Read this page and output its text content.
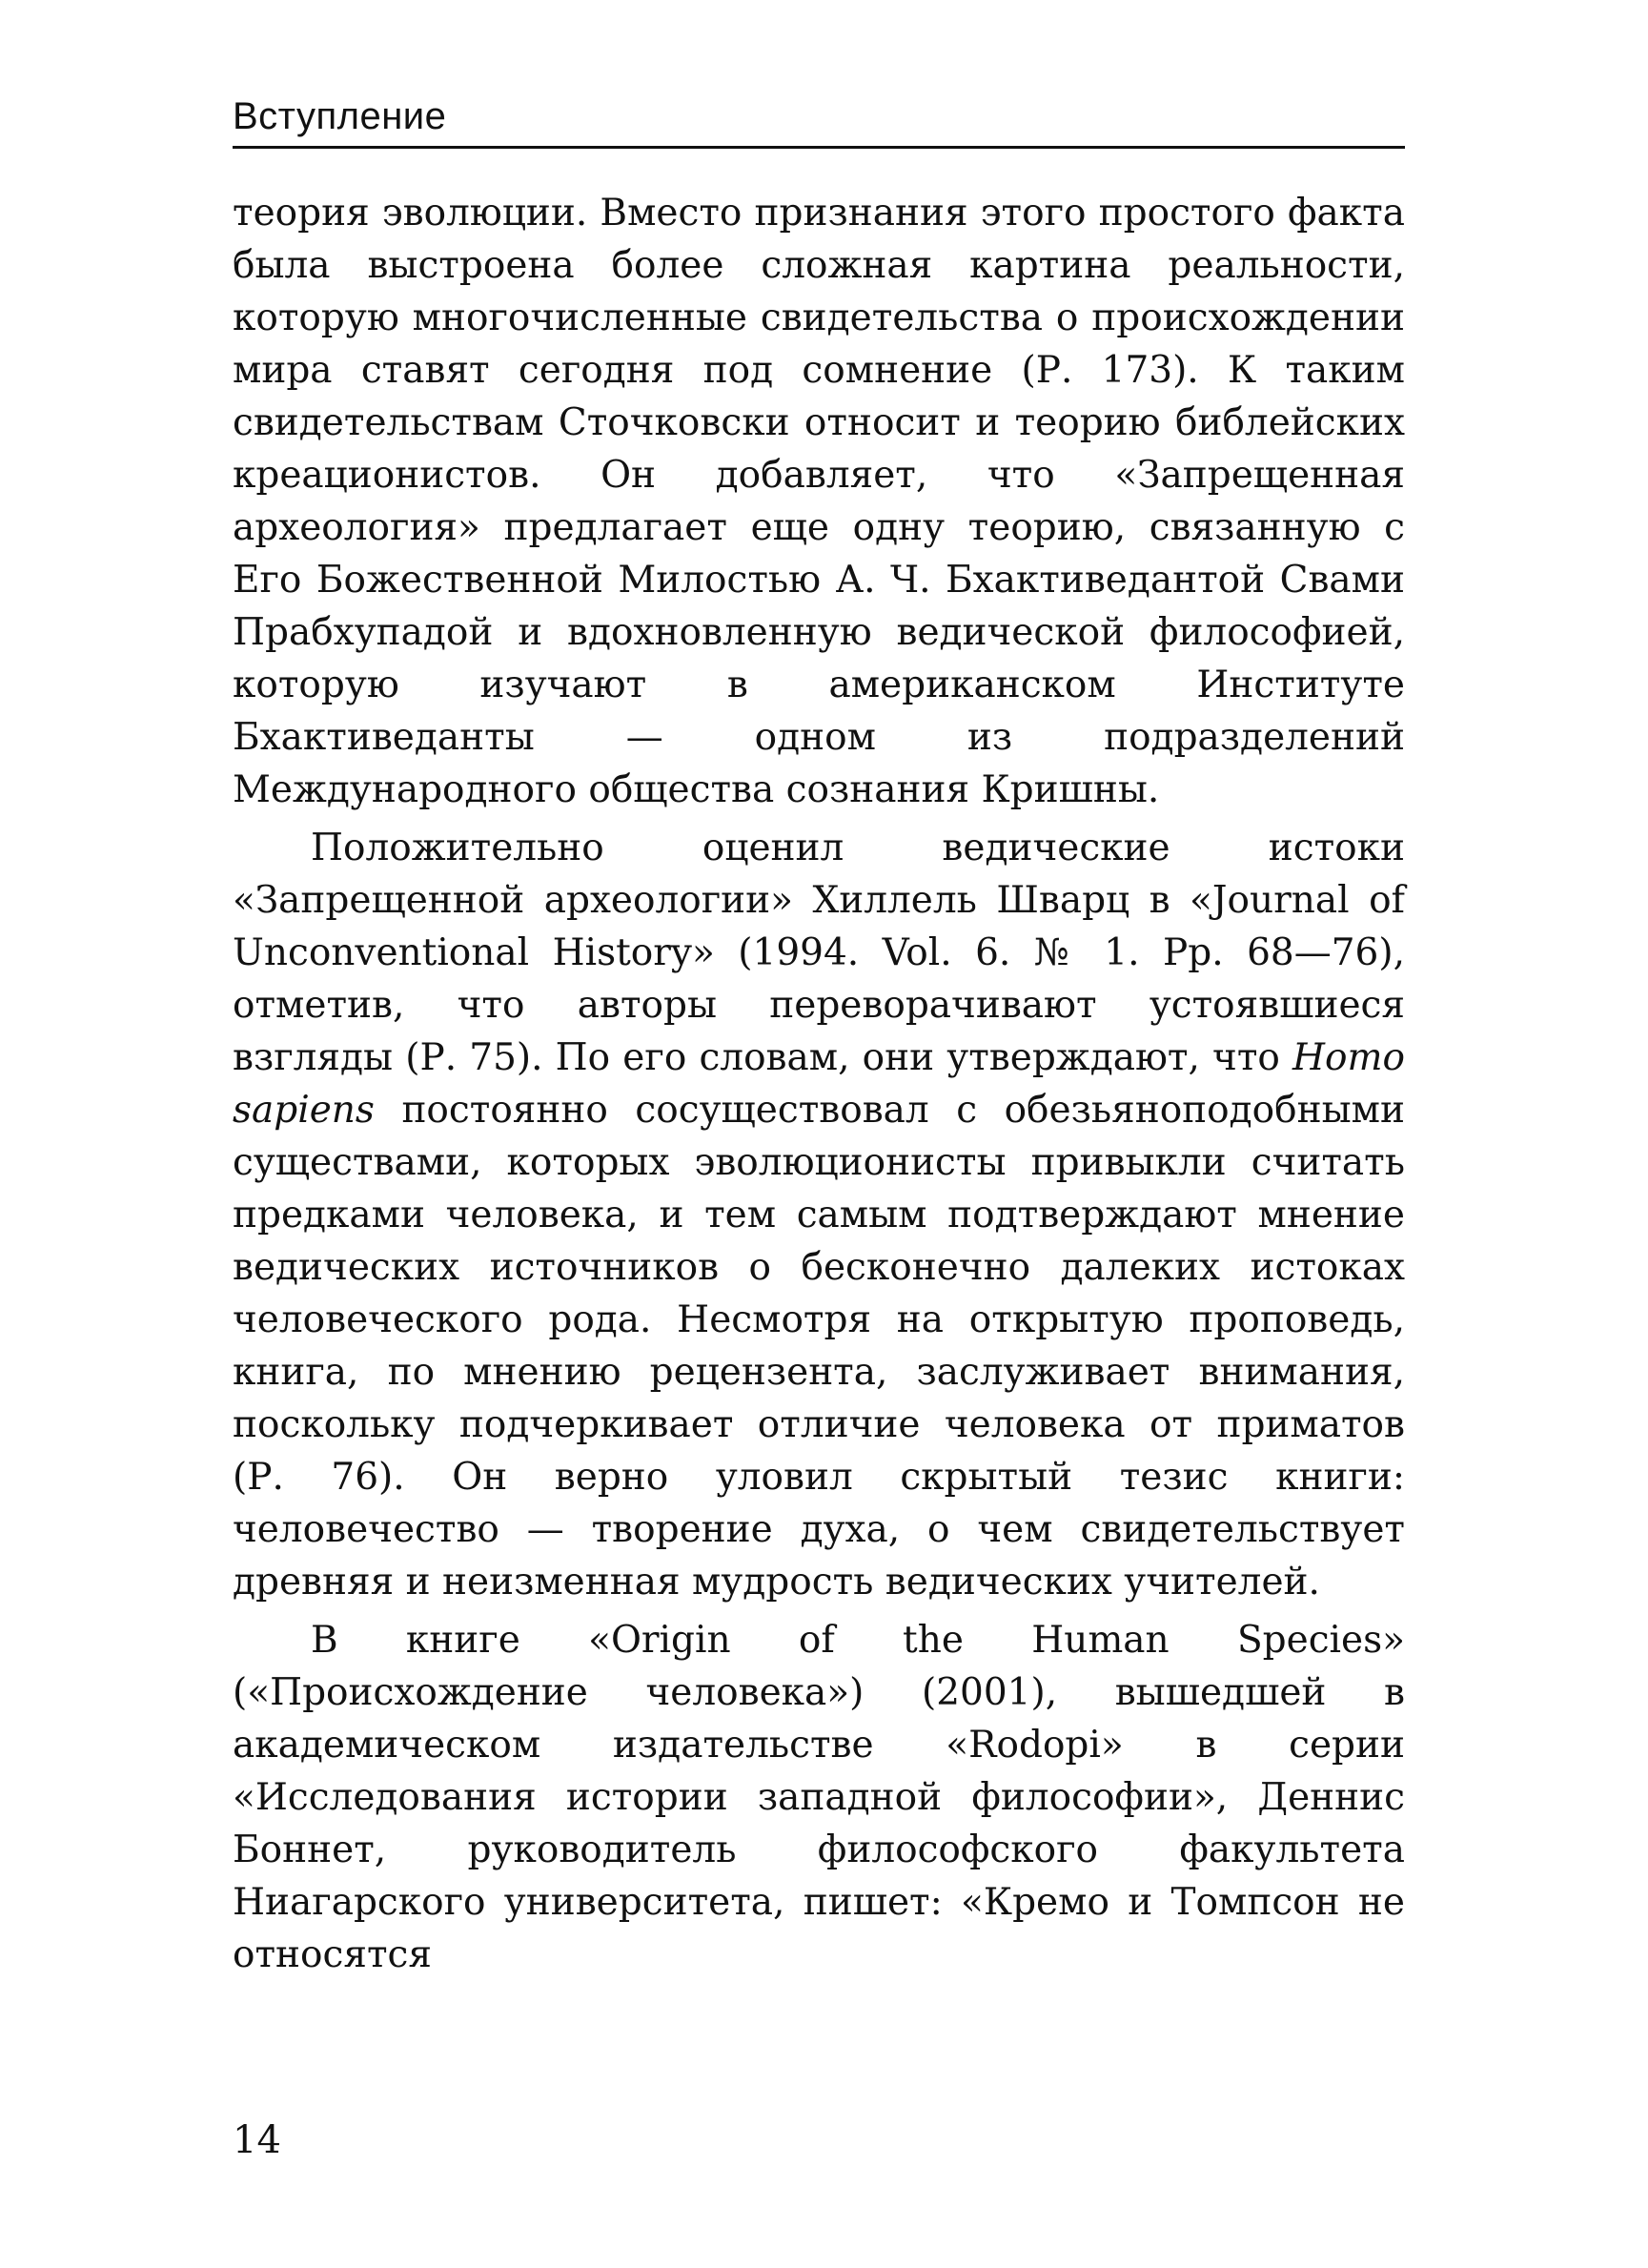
Вступление

теория эволюции. Вместо признания этого простого факта была выстроена более сложная картина реальности, которую многочисленные свидетельства о происхождении мира ставят сегодня под сомнение (Р. 173). К таким свидетельствам Сточковски относит и теорию библейских креационистов. Он добавляет, что «Запрещенная археология» предлагает еще одну теорию, связанную с Его Божественной Милостью А. Ч. Бхактиведантой Свами Прабхупадой и вдохновленную ведической философией, которую изучают в американском Институте Бхактиведанты — одном из подразделений Международного общества сознания Кришны.

Положительно оценил ведические истоки «Запрещенной археологии» Хиллель Шварц в «Journal of Unconventional History» (1994. Vol. 6. № 1. Pp. 68—76), отметив, что авторы переворачивают устоявшиеся взгляды (Р. 75). По его словам, они утверждают, что Homo sapiens постоянно сосуществовал с обезьяноподобными существами, которых эволюционисты привыкли считать предками человека, и тем самым подтверждают мнение ведических источников о бесконечно далеких истоках человеческого рода. Несмотря на открытую проповедь, книга, по мнению рецензента, заслуживает внимания, поскольку подчеркивает отличие человека от приматов (Р. 76). Он верно уловил скрытый тезис книги: человечество — творение духа, о чем свидетельствует древняя и неизменная мудрость ведических учителей.

В книге «Origin of the Human Species» («Происхождение человека») (2001), вышедшей в академическом издательстве «Rodopi» в серии «Исследования истории западной философии», Деннис Боннет, руководитель философского факультета Ниагарского университета, пишет: «Кремо и Томпсон не относятся

14
